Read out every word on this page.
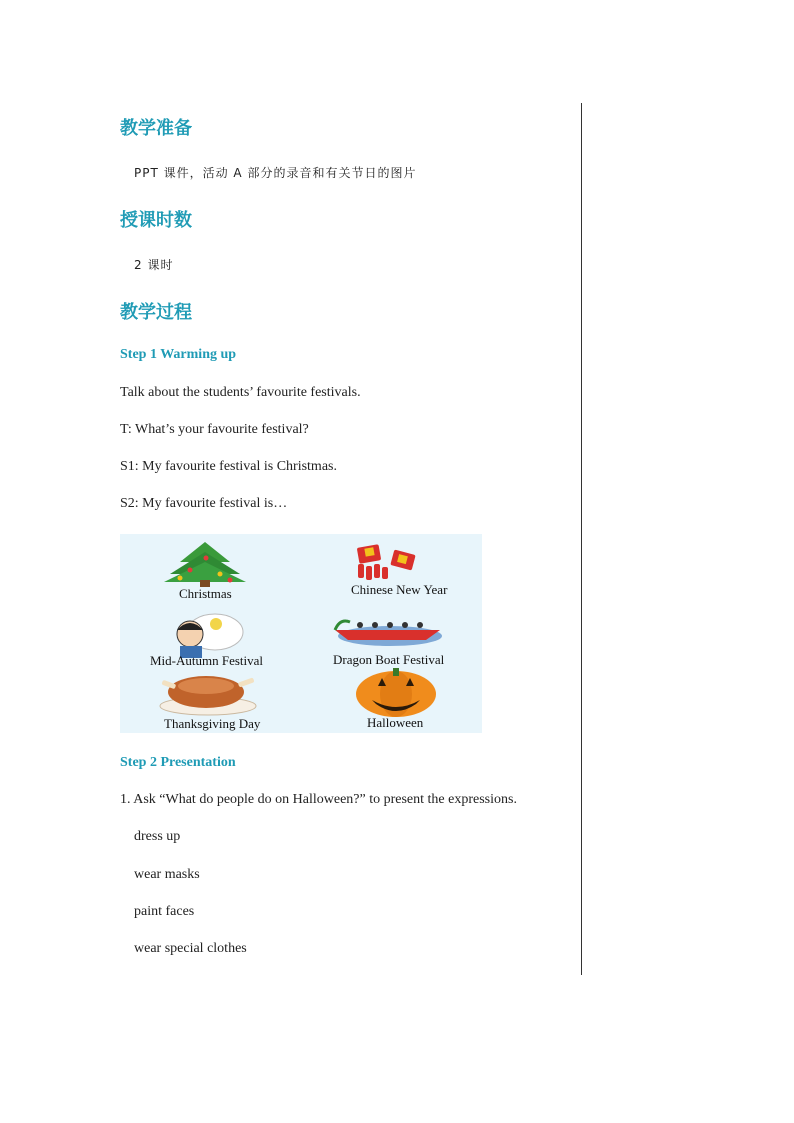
教学准备
PPT 课件，活动 A 部分的录音和有关节日的图片
授课时数
2 课时
教学过程
Step 1 Warming up
Talk about the students’ favourite festivals.
T: What’s your favourite festival?
S1: My favourite festival is Christmas.
S2: My favourite festival is…
Christmas	Chinese New Year
Mid-Autumn Festival	Dragon Boat Festival
Thanksgiving Day	Halloween
Step 2 Presentation
1. Ask “What do people do on Halloween?” to present the expressions.
dress up
wear masks
paint faces
wear special clothes
